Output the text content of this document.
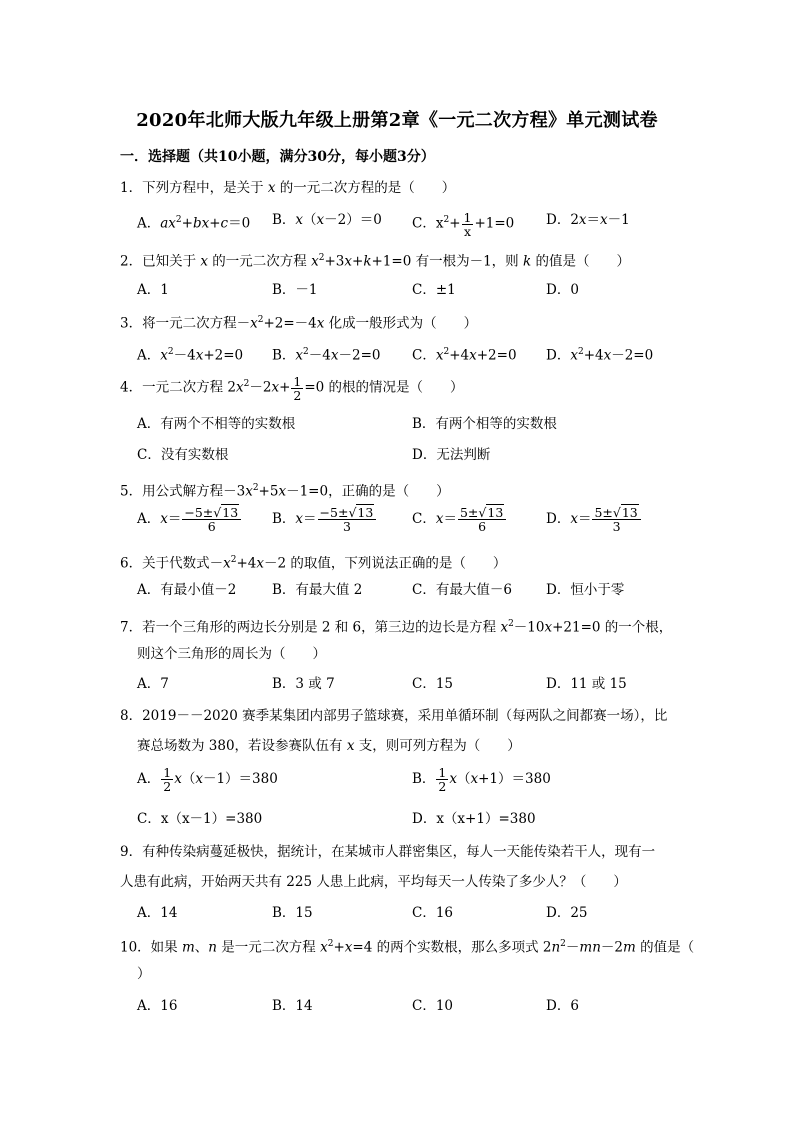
2020年北师大版九年级上册第2章《一元二次方程》单元测试卷
一．选择题（共10小题，满分30分，每小题3分）
1．下列方程中，是关于 x 的一元二次方程的是（　　）
A．$ax^2+bx+c=0$ B．x（x－2）＝0 C．$x^2+ \frac{1}{x} +1=0$ D．2x＝x－1
2．已知关于 x 的一元二次方程 $x^2+3x+k+1=0$ 有一根为－1，则 k 的值是（　　）
A．1	B．－1	C．±1	D．0
3．将一元二次方程$-x^2+2=-4x$ 化成一般形式为（　　）
A．$x^2-4x+2=0$ B．$x^2-4x-2=0$ C．$x^2+4x+2=0$ D．$x^2+4x-2=0$
4．一元二次方程 $2x^2-2x+ \frac{1}{2} =0$ 的根的情况是（　　）
A．有两个不相等的实数根	B．有两个相等的实数根
C．没有实数根	D．无法判断
5．用公式解方程$-3x^2+5x-1=0$，正确的是（　　）
A．$x= \frac{-5\pm√13}{6}$ B．$x= \frac{-5\pm√13}{3}$	C．$x= \frac{5\pm√13}{6}$	D．$x= \frac{5\pm√13}{3}$
6．关于代数式$-x^2+4x-2$ 的取值，下列说法正确的是（　　）
A．有最小值－2	B．有最大值 2	C．有最大值－6	D．恒小于零
7．若一个三角形的两边长分别是 2 和 6，第三边的边长是方程 $x^2-10x+21=0$ 的一个根，
则这个三角形的周长为（　　）
A．7	B．3 或 7	C．15	D．11 或 15
8．2019－－2020 赛季某集团内部男子篮球赛，采用单循环制（每两队之间都赛一场），比
赛总场数为 380，若设参赛队伍有 x 支，则可列方程为（　　）
A． $\frac{1}{2} x(x-1)=380$	B． $\frac{1}{2} x(x+1)=380$
C．x（x－1）=380	D．x（x+1）=380
9．有种传染病蔓延极快，据统计，在某城市人群密集区，每人一天能传染若干人，现有一
人患有此病，开始两天共有 225 人患上此病，平均每天一人传染了多少人？（　　）
A．14	B．15	C．16	D．25
10．如果 m、n 是一元二次方程 $x^2+x=4$ 的两个实数根，那么多项式 $2n^2-mn-2m$ 的值是（
）
A．16	B．14	C．10	D．6
